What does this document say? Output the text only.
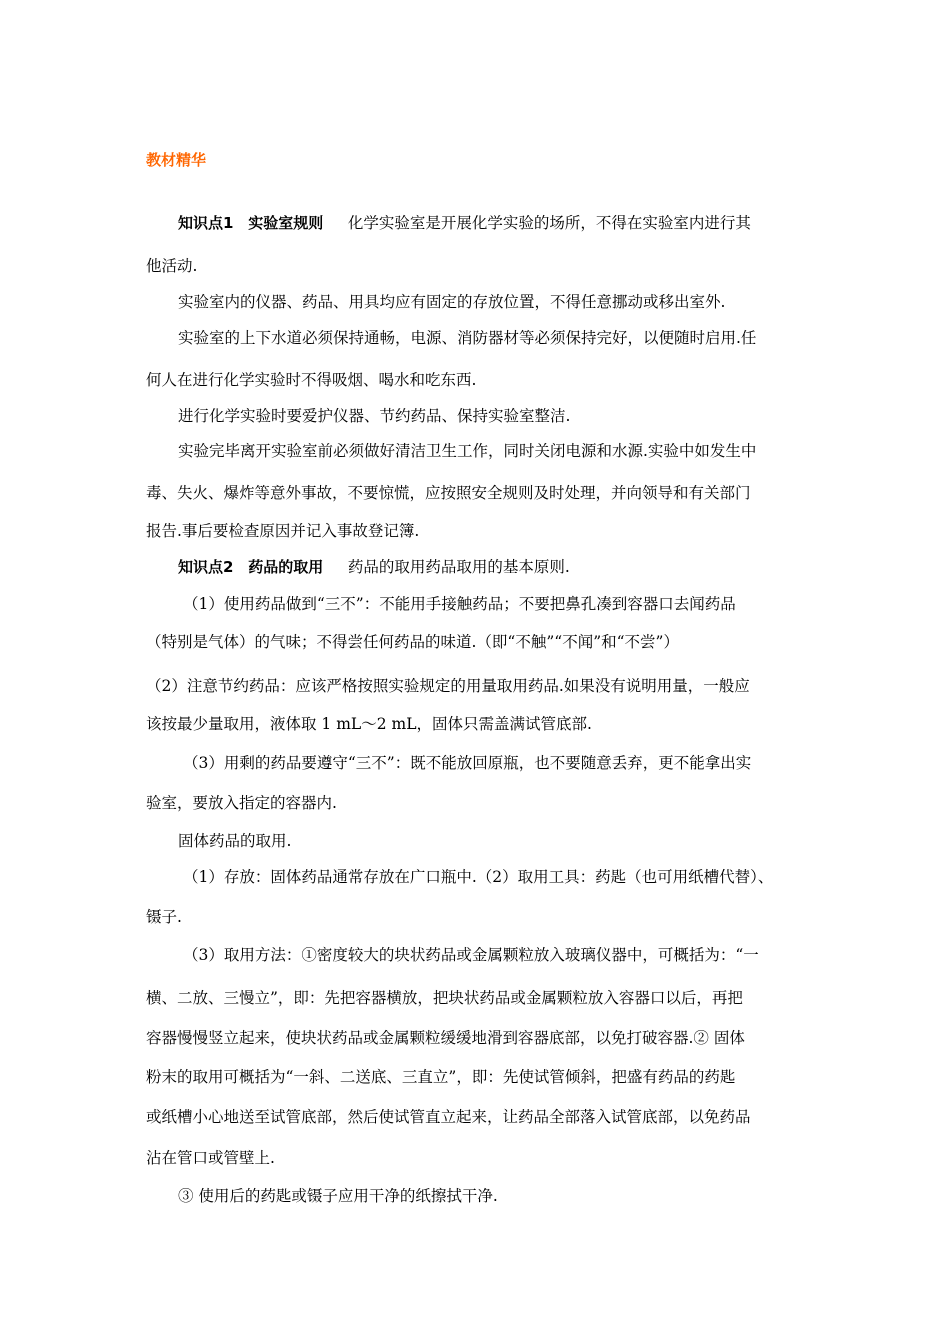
教材精华
知识点1 实验室规则 化学实验室是开展化学实验的场所，不得在实验室内进行其
他活动.
实验室内的仪器、药品、用具均应有固定的存放位置，不得任意挪动或移出室外.
实验室的上下水道必须保持通畅，电源、消防器材等必须保持完好，以便随时启用.任
何人在进行化学实验时不得吸烟、喝水和吃东西.
进行化学实验时要爱护仪器、节约药品、保持实验室整洁.
实验完毕离开实验室前必须做好清洁卫生工作，同时关闭电源和水源.实验中如发生中
毒、失火、爆炸等意外事故，不要惊慌，应按照安全规则及时处理，并向领导和有关部门
报告.事后要检查原因并记入事故登记簿.
知识点2 药品的取用 药品的取用药品取用的基本原则.
（1）使用药品做到“三不”：不能用手接触药品；不要把鼻孔凑到容器口去闻药品
（特别是气体）的气味；不得尝任何药品的味道.（即“不触”“不闻”和“不尝”）
（2）注意节约药品：应该严格按照实验规定的用量取用药品.如果没有说明用量，一般应
该按最少量取用，液体取 1 mL～2 mL，固体只需盖满试管底部.
（3）用剩的药品要遵守“三不”：既不能放回原瓶，也不要随意丢弃，更不能拿出实
验室，要放入指定的容器内.
固体药品的取用.
（1）存放：固体药品通常存放在广口瓶中.（2）取用工具：药匙（也可用纸槽代替）、
镊子.
（3）取用方法：①密度较大的块状药品或金属颗粒放入玻璃仪器中，可概括为：“一
横、二放、三慢立”，即：先把容器横放，把块状药品或金属颗粒放入容器口以后，再把
容器慢慢竖立起来，使块状药品或金属颗粒缓缓地滑到容器底部，以免打破容器.② 固体
粉末的取用可概括为“一斜、二送底、三直立”，即：先使试管倾斜，把盛有药品的药匙
或纸槽小心地送至试管底部，然后使试管直立起来，让药品全部落入试管底部，以免药品
沾在管口或管壁上.
③ 使用后的药匙或镊子应用干净的纸擦拭干净.
